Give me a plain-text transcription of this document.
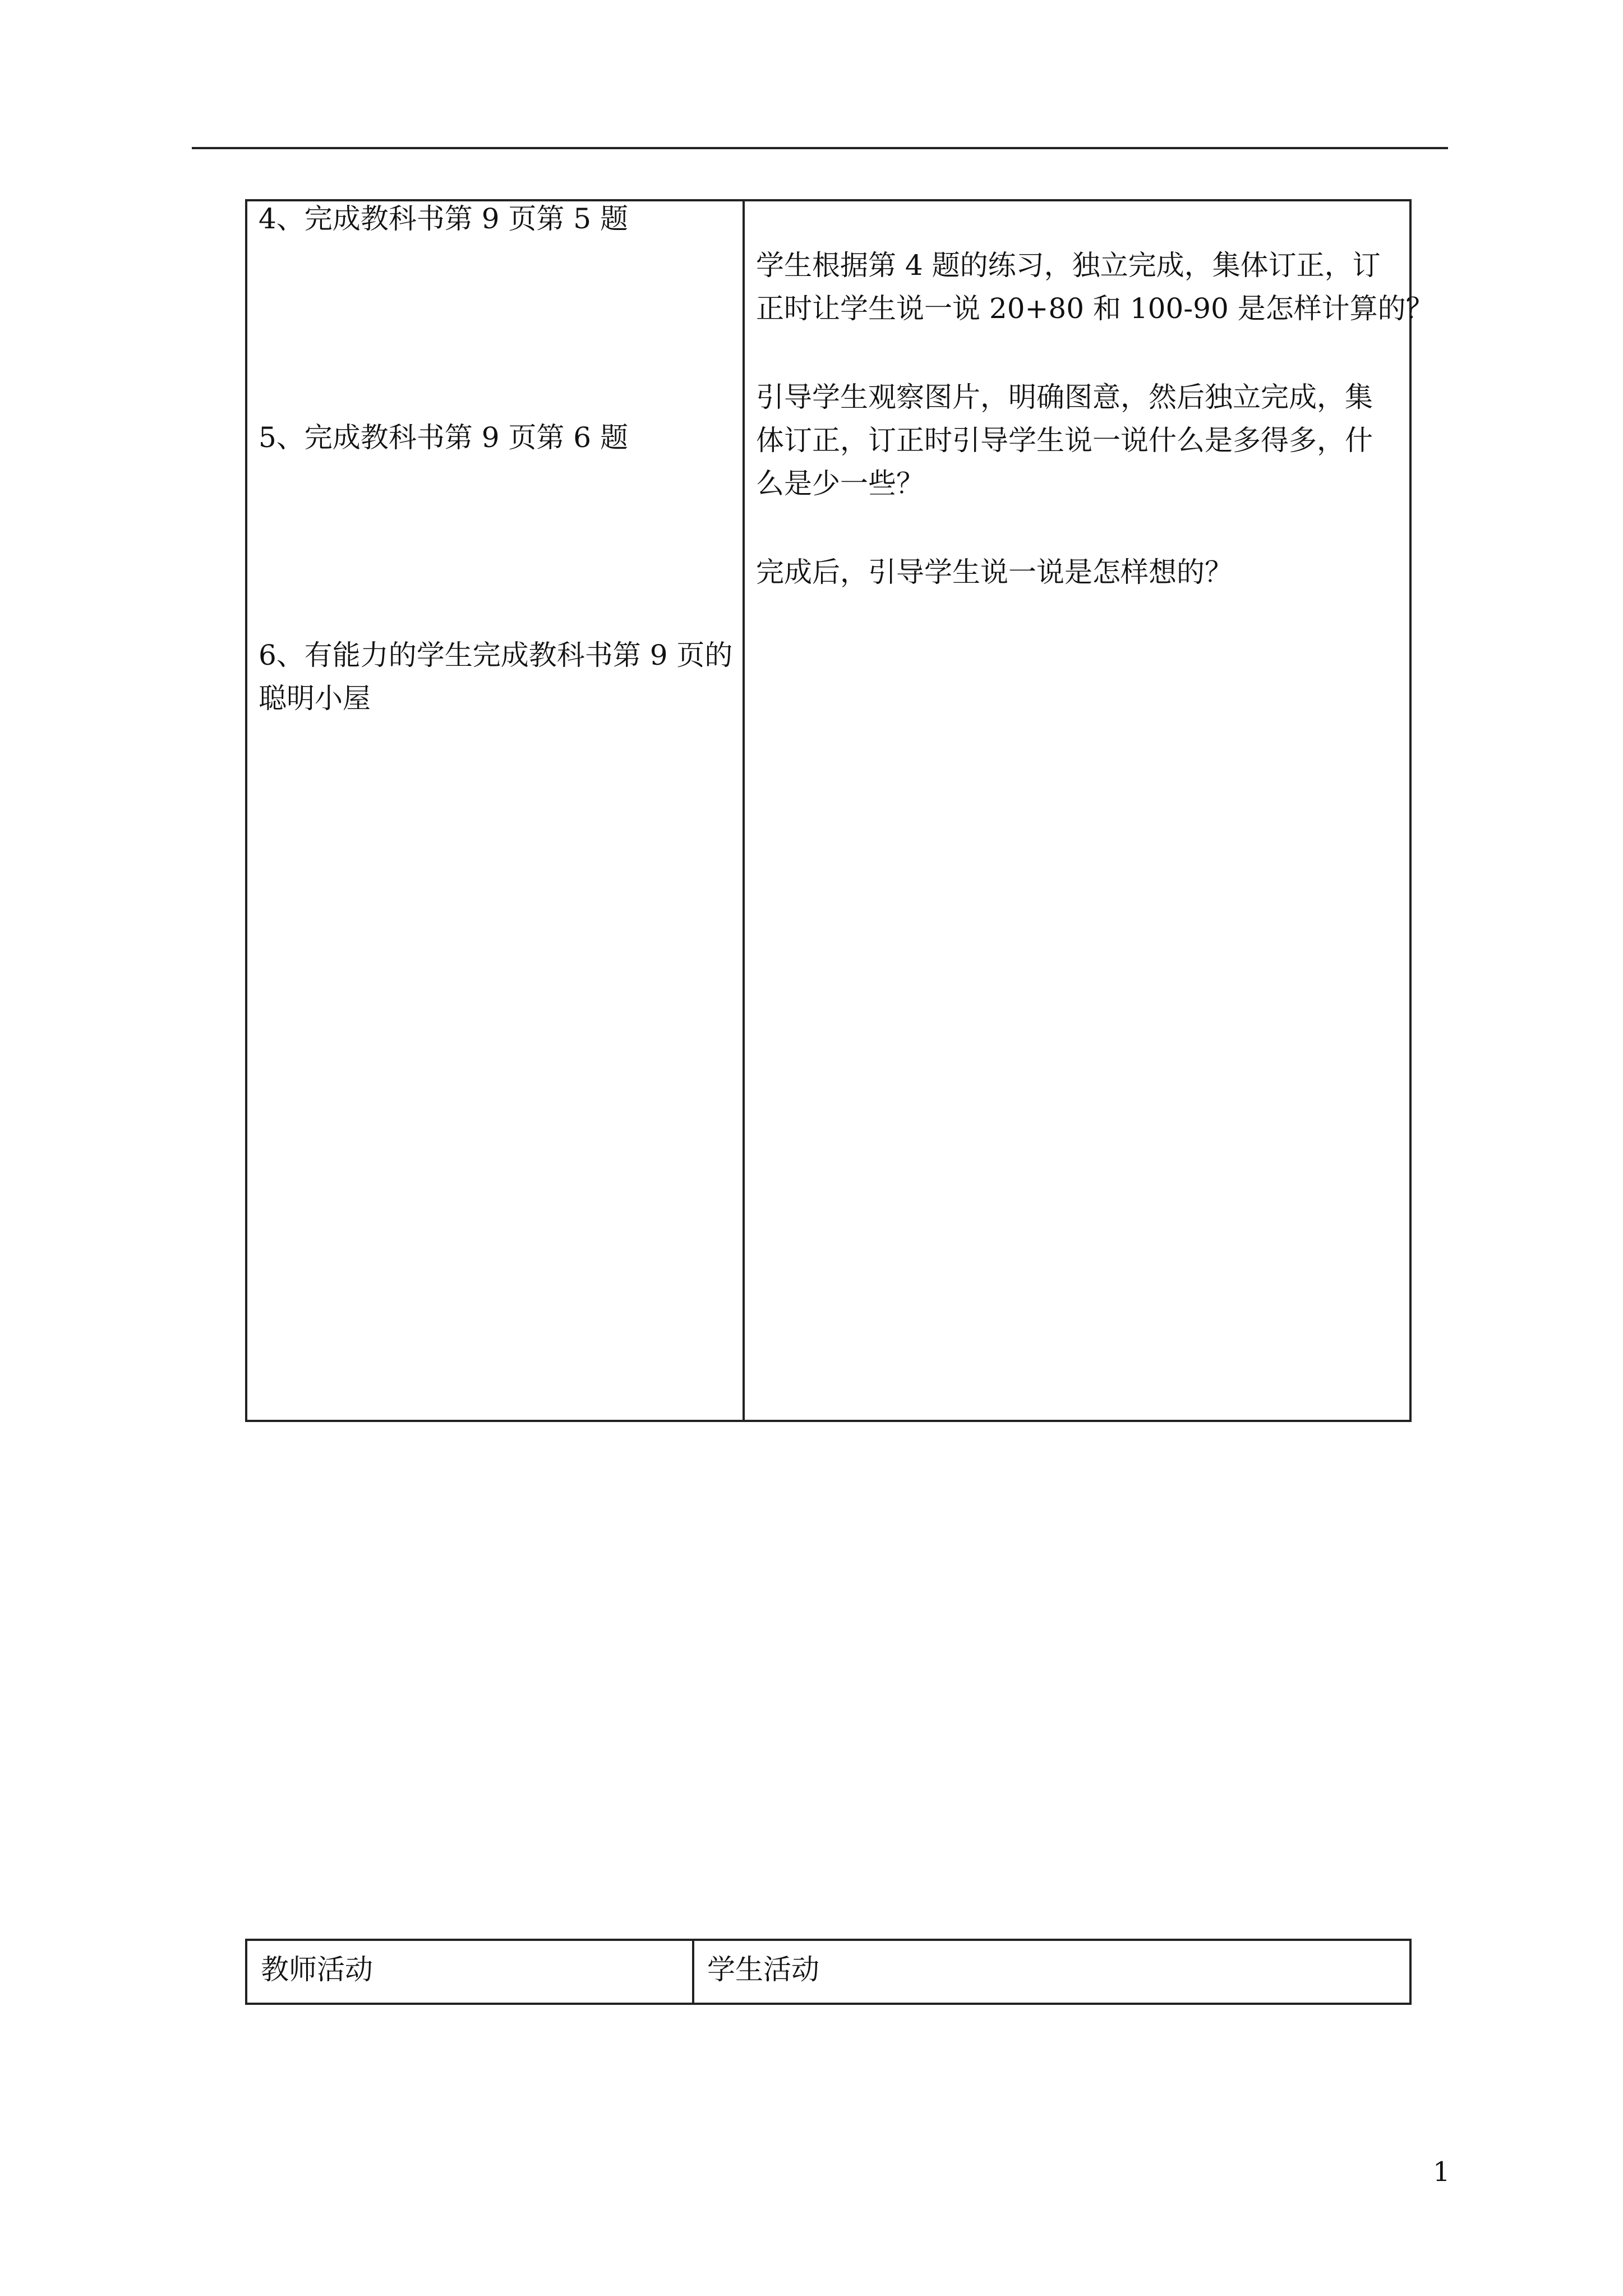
4、完成教科书第 9 页第 5 题
5、完成教科书第 9 页第 6 题
6、有能力的学生完成教科书第 9 页的
聪明小屋
学生根据第 4 题的练习，独立完成，集体订正，订
正时让学生说一说 20+80 和 100-90 是怎样计算的？
引导学生观察图片，明确图意，然后独立完成，集
体订正，订正时引导学生说一说什么是多得多，什
么是少一些？
完成后，引导学生说一说是怎样想的？
教师活动	学生活动
1
